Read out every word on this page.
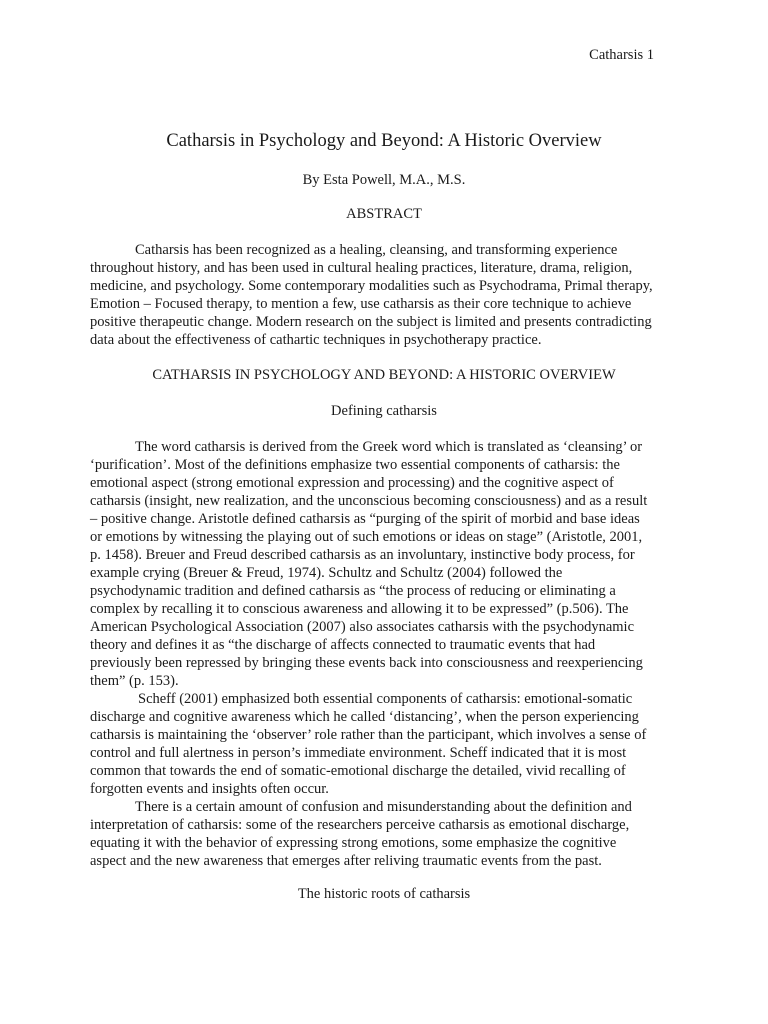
Catharsis 1
Catharsis in Psychology and Beyond: A Historic Overview
By Esta Powell, M.A., M.S.
ABSTRACT
Catharsis has been recognized as a healing, cleansing, and transforming experience
throughout history, and has been used in cultural healing practices, literature, drama, religion,
medicine, and psychology. Some contemporary modalities such as Psychodrama, Primal therapy,
Emotion – Focused therapy, to mention a few, use catharsis as their core technique to achieve
positive therapeutic change. Modern research on the subject is limited and presents contradicting
data about the effectiveness of cathartic techniques in psychotherapy practice.
CATHARSIS IN PSYCHOLOGY AND BEYOND: A HISTORIC OVERVIEW
Defining catharsis
The word catharsis is derived from the Greek word which is translated as ‘cleansing’ or
‘purification’. Most of the definitions emphasize two essential components of catharsis: the
emotional aspect (strong emotional expression and processing) and the cognitive aspect of
catharsis (insight, new realization, and the unconscious becoming consciousness) and as a result
– positive change. Aristotle defined catharsis as “purging of the spirit of morbid and base ideas
or emotions by witnessing the playing out of such emotions or ideas on stage” (Aristotle, 2001,
p. 1458). Breuer and Freud described catharsis as an involuntary, instinctive body process, for
example crying (Breuer & Freud, 1974). Schultz and Schultz (2004) followed the
psychodynamic tradition and defined catharsis as “the process of reducing or eliminating a
complex by recalling it to conscious awareness and allowing it to be expressed” (p.506). The
American Psychological Association (2007) also associates catharsis with the psychodynamic
theory and defines it as “the discharge of affects connected to traumatic events that had
previously been repressed by bringing these events back into consciousness and reexperiencing
them” (p. 153).
Scheff (2001) emphasized both essential components of catharsis: emotional-somatic
discharge and cognitive awareness which he called ‘distancing’, when the person experiencing
catharsis is maintaining the ‘observer’ role rather than the participant, which involves a sense of
control and full alertness in person’s immediate environment. Scheff indicated that it is most
common that towards the end of somatic-emotional discharge the detailed, vivid recalling of
forgotten events and insights often occur.
There is a certain amount of confusion and misunderstanding about the definition and
interpretation of catharsis: some of the researchers perceive catharsis as emotional discharge,
equating it with the behavior of expressing strong emotions, some emphasize the cognitive
aspect and the new awareness that emerges after reliving traumatic events from the past.
The historic roots of catharsis
